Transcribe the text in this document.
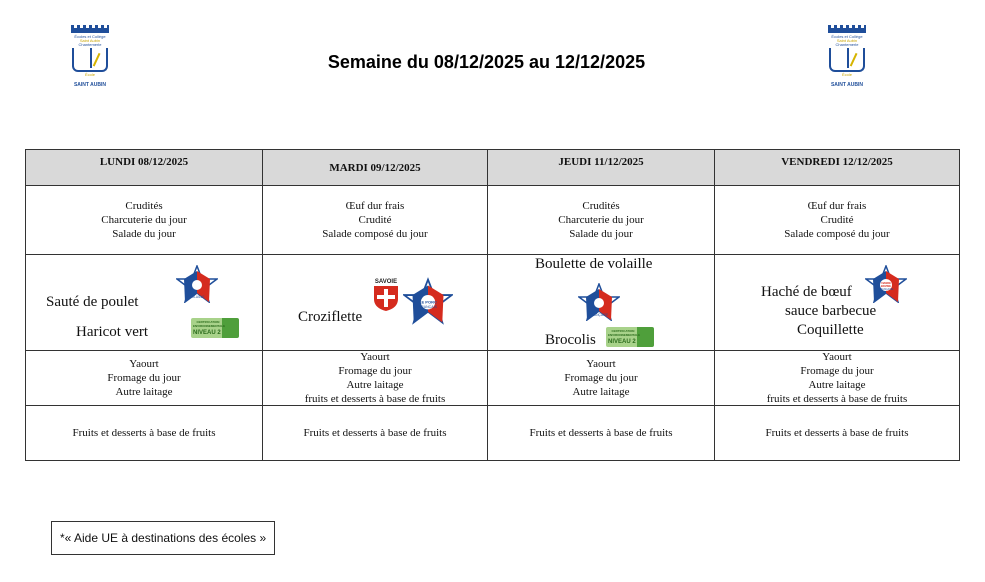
Écoles et Collège
Saint Aubin
Chantemerle
École
SAINT AUBIN
Écoles et Collège
Saint Aubin
Chantemerle
École
SAINT AUBIN
Semaine du 08/12/2025 au 12/12/2025
LUNDI 08/12/2025
Crudités
Charcuterie du jour
Salade du jour
Sauté de poulet
Haricot vert
VOLAILLE
CERTIFICATION ENVIRONNEMENTALE
NIVEAU 2
Yaourt
Fromage du jour
Autre laitage
Fruits et desserts à base de fruits
MARDI 09/12/2025
Œuf dur frais
Crudité
Salade composé du jour
Croziflette
SAVOIE
LE PORC
FRANÇAIS
Yaourt
Fromage du jour
Autre laitage
fruits et desserts à base de fruits
Fruits et desserts à base de fruits
JEUDI 11/12/2025
Crudités
Charcuterie du jour
Salade du jour
Boulette de volaille
Brocolis
FRANÇAISE
CERTIFICATION ENVIRONNEMENTALE
NIVEAU 2
Yaourt
Fromage du jour
Autre laitage
Fruits et desserts à base de fruits
VENDREDI 12/12/2025
Œuf dur frais
Crudité
Salade composé du jour
Haché de bœuf
sauce barbecue
Coquillette
VIANDE
BOVINE
FRANÇAISE
Yaourt
Fromage du jour
Autre laitage
fruits et desserts à base de fruits
Fruits et desserts à base de fruits
*« Aide UE à destinations des écoles »
